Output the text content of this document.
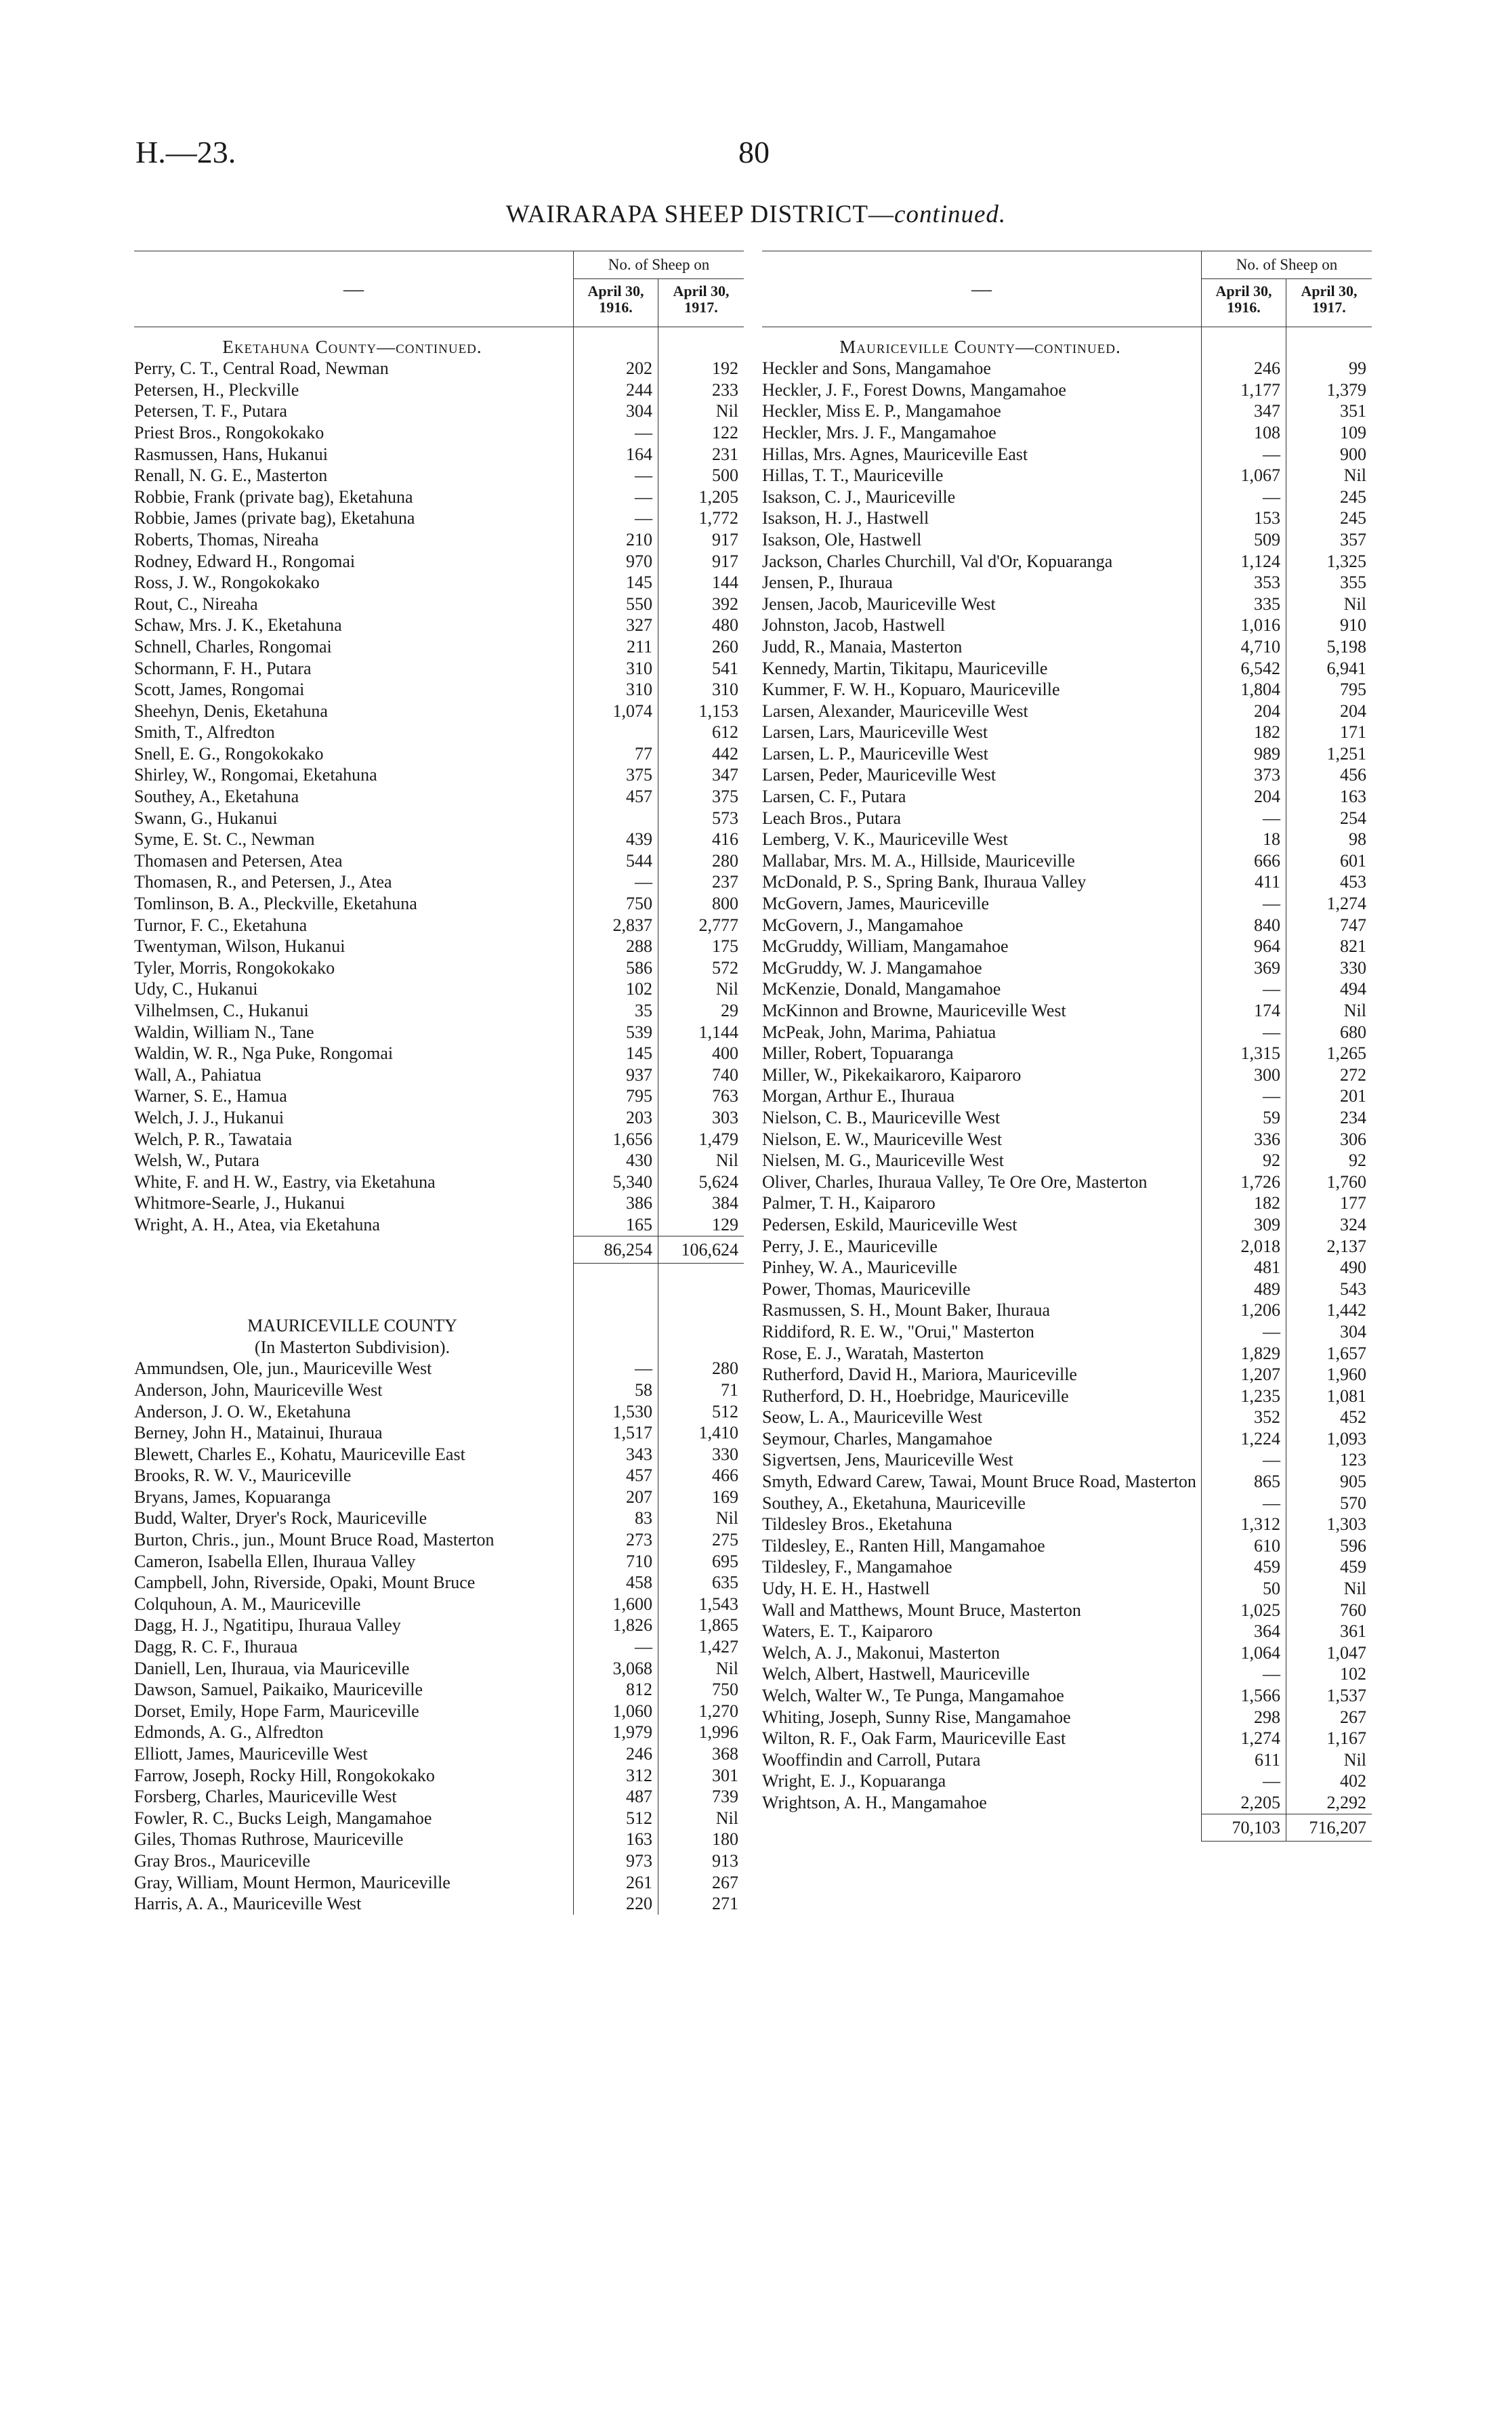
H.—23.	80
WAIRARAPA SHEEP DISTRICT—continued.
	No. of Sheep on	
—	April 30, 1916.	April 30, 1917.

Eketahuna County—continued.		
Perry, C. T., Central Road, Newman	202	192
Petersen, H., Pleckville	244	233
Petersen, T. F., Putara	304	Nil
Priest Bros., Rongokokako	—	122
Rasmussen, Hans, Hukanui	164	231
Renall, N. G. E., Masterton	—	500
Robbie, Frank (private bag), Eketahuna	—	1,205
Robbie, James (private bag), Eketahuna	—	1,772
Roberts, Thomas, Nireaha	210	917
Rodney, Edward H., Rongomai	970	917
Ross, J. W., Rongokokako	145	144
Rout, C., Nireaha	550	392
Schaw, Mrs. J. K., Eketahuna	327	480
Schnell, Charles, Rongomai	211	260
Schormann, F. H., Putara	310	541
Scott, James, Rongomai	310	310
Sheehyn, Denis, Eketahuna	1,074	1,153
Smith, T., Alfredton		612
Snell, E. G., Rongokokako	77	442
Shirley, W., Rongomai, Eketahuna	375	347
Southey, A., Eketahuna	457	375
Swann, G., Hukanui		573
Syme, E. St. C., Newman	439	416
Thomasen and Petersen, Atea	544	280
Thomasen, R., and Petersen, J., Atea	—	237
Tomlinson, B. A., Pleckville, Eketahuna	750	800
Turnor, F. C., Eketahuna	2,837	2,777
Twentyman, Wilson, Hukanui	288	175
Tyler, Morris, Rongokokako	586	572
Udy, C., Hukanui	102	Nil
Vilhelmsen, C., Hukanui	35	29
Waldin, William N., Tane	539	1,144
Waldin, W. R., Nga Puke, Rongomai	145	400
Wall, A., Pahiatua	937	740
Warner, S. E., Hamua	795	763
Welch, J. J., Hukanui	203	303
Welch, P. R., Tawataia	1,656	1,479
Welsh, W., Putara	430	Nil
White, F. and H. W., Eastry, via Eketahuna	5,340	5,624
Whitmore-Searle, J., Hukanui	386	384
Wright, A. H., Atea, via Eketahuna	165	129
	86,254	106,624

MAURICEVILLE COUNTY		
(In Masterton Subdivision).		
Ammundsen, Ole, jun., Mauriceville West	—	280
Anderson, John, Mauriceville West	58	71
Anderson, J. O. W., Eketahuna	1,530	512
Berney, John H., Matainui, Ihuraua	1,517	1,410
Blewett, Charles E., Kohatu, Mauriceville East	343	330
Brooks, R. W. V., Mauriceville	457	466
Bryans, James, Kopuaranga	207	169
Budd, Walter, Dryer's Rock, Mauriceville	83	Nil
Burton, Chris., jun., Mount Bruce Road, Masterton	273	275
Cameron, Isabella Ellen, Ihuraua Valley	710	695
Campbell, John, Riverside, Opaki, Mount Bruce	458	635
Colquhoun, A. M., Mauriceville	1,600	1,543
Dagg, H. J., Ngatitipu, Ihuraua Valley	1,826	1,865
Dagg, R. C. F., Ihuraua	—	1,427
Daniell, Len, Ihuraua, via Mauriceville	3,068	Nil
Dawson, Samuel, Paikaiko, Mauriceville	812	750
Dorset, Emily, Hope Farm, Mauriceville	1,060	1,270
Edmonds, A. G., Alfredton	1,979	1,996
Elliott, James, Mauriceville West	246	368
Farrow, Joseph, Rocky Hill, Rongokokako	312	301
Forsberg, Charles, Mauriceville West	487	739
Fowler, R. C., Bucks Leigh, Mangamahoe	512	Nil
Giles, Thomas Ruthrose, Mauriceville	163	180
Gray Bros., Mauriceville	973	913
Gray, William, Mount Hermon, Mauriceville	261	267
Harris, A. A., Mauriceville West	220	271
	No. of Sheep on	
—	April 30, 1916.	April 30, 1917.

Mauriceville County—continued.		
Heckler and Sons, Mangamahoe	246	99
Heckler, J. F., Forest Downs, Mangamahoe	1,177	1,379
Heckler, Miss E. P., Mangamahoe	347	351
Heckler, Mrs. J. F., Mangamahoe	108	109
Hillas, Mrs. Agnes, Mauriceville East	—	900
Hillas, T. T., Mauriceville	1,067	Nil
Isakson, C. J., Mauriceville	—	245
Isakson, H. J., Hastwell	153	245
Isakson, Ole, Hastwell	509	357
Jackson, Charles Churchill, Val d'Or, Kopuaranga	1,124	1,325
Jensen, P., Ihuraua	353	355
Jensen, Jacob, Mauriceville West	335	Nil
Johnston, Jacob, Hastwell	1,016	910
Judd, R., Manaia, Masterton	4,710	5,198
Kennedy, Martin, Tikitapu, Mauriceville	6,542	6,941
Kummer, F. W. H., Kopuaro, Mauriceville	1,804	795
Larsen, Alexander, Mauriceville West	204	204
Larsen, Lars, Mauriceville West	182	171
Larsen, L. P., Mauriceville West	989	1,251
Larsen, Peder, Mauriceville West	373	456
Larsen, C. F., Putara	204	163
Leach Bros., Putara	—	254
Lemberg, V. K., Mauriceville West	18	98
Mallabar, Mrs. M. A., Hillside, Mauriceville	666	601
McDonald, P. S., Spring Bank, Ihuraua Valley	411	453
McGovern, James, Mauriceville	—	1,274
McGovern, J., Mangamahoe	840	747
McGruddy, William, Mangamahoe	964	821
McGruddy, W. J. Mangamahoe	369	330
McKenzie, Donald, Mangamahoe	—	494
McKinnon and Browne, Mauriceville West	174	Nil
McPeak, John, Marima, Pahiatua	—	680
Miller, Robert, Topuaranga	1,315	1,265
Miller, W., Pikekaikaroro, Kaiparoro	300	272
Morgan, Arthur E., Ihuraua	—	201
Nielson, C. B., Mauriceville West	59	234
Nielson, E. W., Mauriceville West	336	306
Nielsen, M. G., Mauriceville West	92	92
Oliver, Charles, Ihuraua Valley, Te Ore Ore, Masterton	1,726	1,760
Palmer, T. H., Kaiparoro	182	177
Pedersen, Eskild, Mauriceville West	309	324
Perry, J. E., Mauriceville	2,018	2,137
Pinhey, W. A., Mauriceville	481	490
Power, Thomas, Mauriceville	489	543
Rasmussen, S. H., Mount Baker, Ihuraua	1,206	1,442
Riddiford, R. E. W., "Orui," Masterton	—	304
Rose, E. J., Waratah, Masterton	1,829	1,657
Rutherford, David H., Mariora, Mauriceville	1,207	1,960
Rutherford, D. H., Hoebridge, Mauriceville	1,235	1,081
Seow, L. A., Mauriceville West	352	452
Seymour, Charles, Mangamahoe	1,224	1,093
Sigvertsen, Jens, Mauriceville West	—	123
Smyth, Edward Carew, Tawai, Mount Bruce Road, Masterton	865	905
Southey, A., Eketahuna, Mauriceville	—	570
Tildesley Bros., Eketahuna	1,312	1,303
Tildesley, E., Ranten Hill, Mangamahoe	610	596
Tildesley, F., Mangamahoe	459	459
Udy, H. E. H., Hastwell	50	Nil
Wall and Matthews, Mount Bruce, Masterton	1,025	760
Waters, E. T., Kaiparoro	364	361
Welch, A. J., Makonui, Masterton	1,064	1,047
Welch, Albert, Hastwell, Mauriceville	—	102
Welch, Walter W., Te Punga, Mangamahoe	1,566	1,537
Whiting, Joseph, Sunny Rise, Mangamahoe	298	267
Wilton, R. F., Oak Farm, Mauriceville East	1,274	1,167
Wooffindin and Carroll, Putara	611	Nil
Wright, E. J., Kopuaranga	—	402
Wrightson, A. H., Mangamahoe	2,205	2,292
	70,103	716,207
